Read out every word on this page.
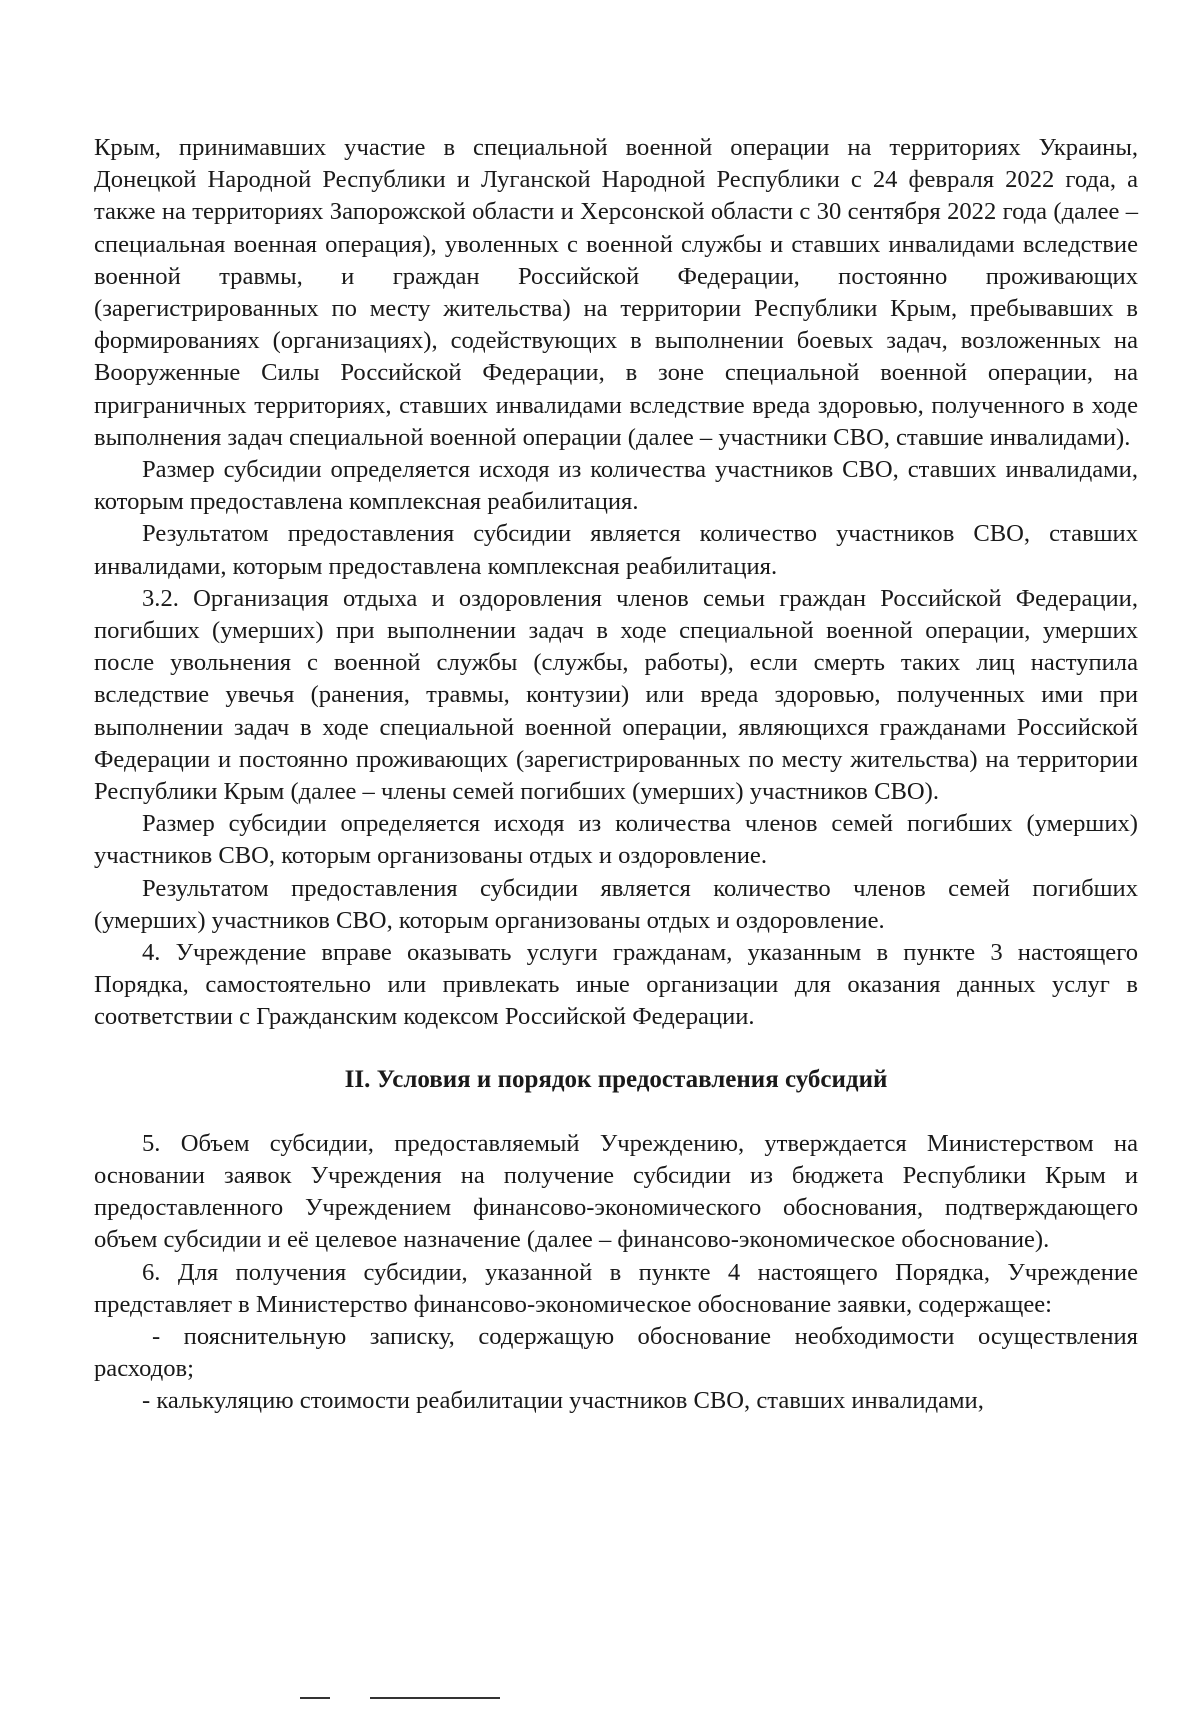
Крым, принимавших участие в специальной военной операции на территориях Украины, Донецкой Народной Республики и Луганской Народной Республики с 24 февраля 2022 года, а также на территориях Запорожской области и Херсонской области с 30 сентября 2022 года (далее – специальная военная операция), уволенных с военной службы и ставших инвалидами вследствие военной травмы, и граждан Российской Федерации, постоянно проживающих (зарегистрированных по месту жительства) на территории Республики Крым, пребывавших в формированиях (организациях), содействующих в выполнении боевых задач, возложенных на Вооруженные Силы Российской Федерации, в зоне специальной военной операции, на приграничных территориях, ставших инвалидами вследствие вреда здоровью, полученного в ходе выполнения задач специальной военной операции (далее – участники СВО, ставшие инвалидами).

Размер субсидии определяется исходя из количества участников СВО, ставших инвалидами, которым предоставлена комплексная реабилитация.

Результатом предоставления субсидии является количество участников СВО, ставших инвалидами, которым предоставлена комплексная реабилитация.

3.2. Организация отдыха и оздоровления членов семьи граждан Российской Федерации, погибших (умерших) при выполнении задач в ходе специальной военной операции, умерших после увольнения с военной службы (службы, работы), если смерть таких лиц наступила вследствие увечья (ранения, травмы, контузии) или вреда здоровью, полученных ими при выполнении задач в ходе специальной военной операции, являющихся гражданами Российской Федерации и постоянно проживающих (зарегистрированных по месту жительства) на территории Республики Крым (далее – члены семей погибших (умерших) участников СВО).

Размер субсидии определяется исходя из количества членов семей погибших (умерших) участников СВО, которым организованы отдых и оздоровление.

Результатом предоставления субсидии является количество членов семей погибших (умерших) участников СВО, которым организованы отдых и оздоровление.

4. Учреждение вправе оказывать услуги гражданам, указанным в пункте 3 настоящего Порядка, самостоятельно или привлекать иные организации для оказания данных услуг в соответствии с Гражданским кодексом Российской Федерации.

II. Условия и порядок предоставления субсидий

5. Объем субсидии, предоставляемый Учреждению, утверждается Министерством на основании заявок Учреждения на получение субсидии из бюджета Республики Крым и предоставленного Учреждением финансово-экономического обоснования, подтверждающего объем субсидии и её целевое назначение (далее – финансово-экономическое обоснование).

6. Для получения субсидии, указанной в пункте 4 настоящего Порядка, Учреждение представляет в Министерство финансово-экономическое обоснование заявки, содержащее:

- пояснительную записку, содержащую обоснование необходимости осуществления расходов;

- калькуляцию стоимости реабилитации участников СВО, ставших инвалидами,
